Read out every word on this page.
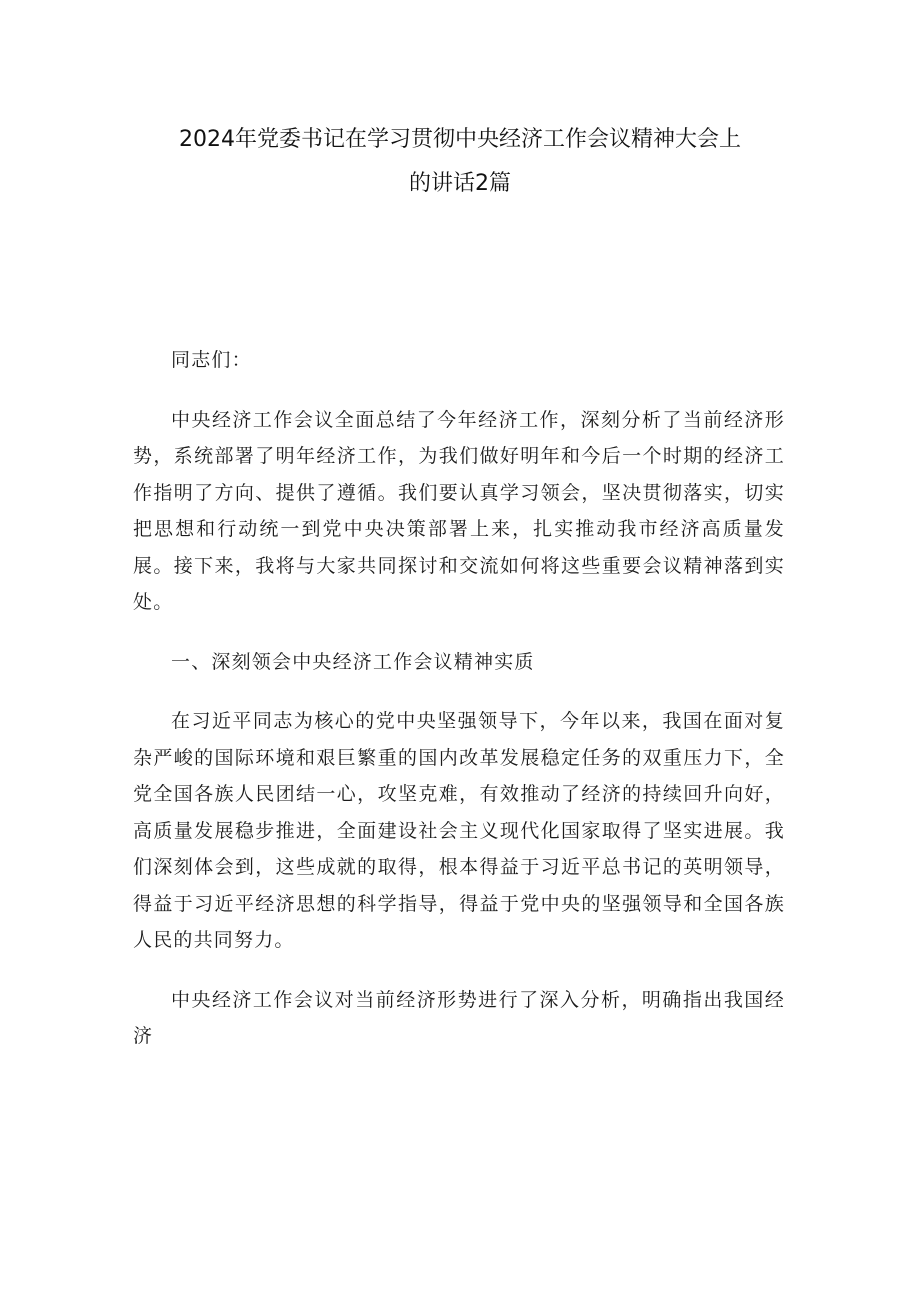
2024年党委书记在学习贯彻中央经济工作会议精神大会上
的讲话2篇

同志们：

中央经济工作会议全面总结了今年经济工作，深刻分析了当前经济形势，系统部署了明年经济工作，为我们做好明年和今后一个时期的经济工作指明了方向、提供了遵循。我们要认真学习领会，坚决贯彻落实，切实把思想和行动统一到党中央决策部署上来，扎实推动我市经济高质量发展。接下来，我将与大家共同探讨和交流如何将这些重要会议精神落到实处。

一、深刻领会中央经济工作会议精神实质

在习近平同志为核心的党中央坚强领导下，今年以来，我国在面对复杂严峻的国际环境和艰巨繁重的国内改革发展稳定任务的双重压力下，全党全国各族人民团结一心，攻坚克难，有效推动了经济的持续回升向好，高质量发展稳步推进，全面建设社会主义现代化国家取得了坚实进展。我们深刻体会到，这些成就的取得，根本得益于习近平总书记的英明领导，得益于习近平经济思想的科学指导，得益于党中央的坚强领导和全国各族人民的共同努力。

中央经济工作会议对当前经济形势进行了深入分析，明确指出我国经济
